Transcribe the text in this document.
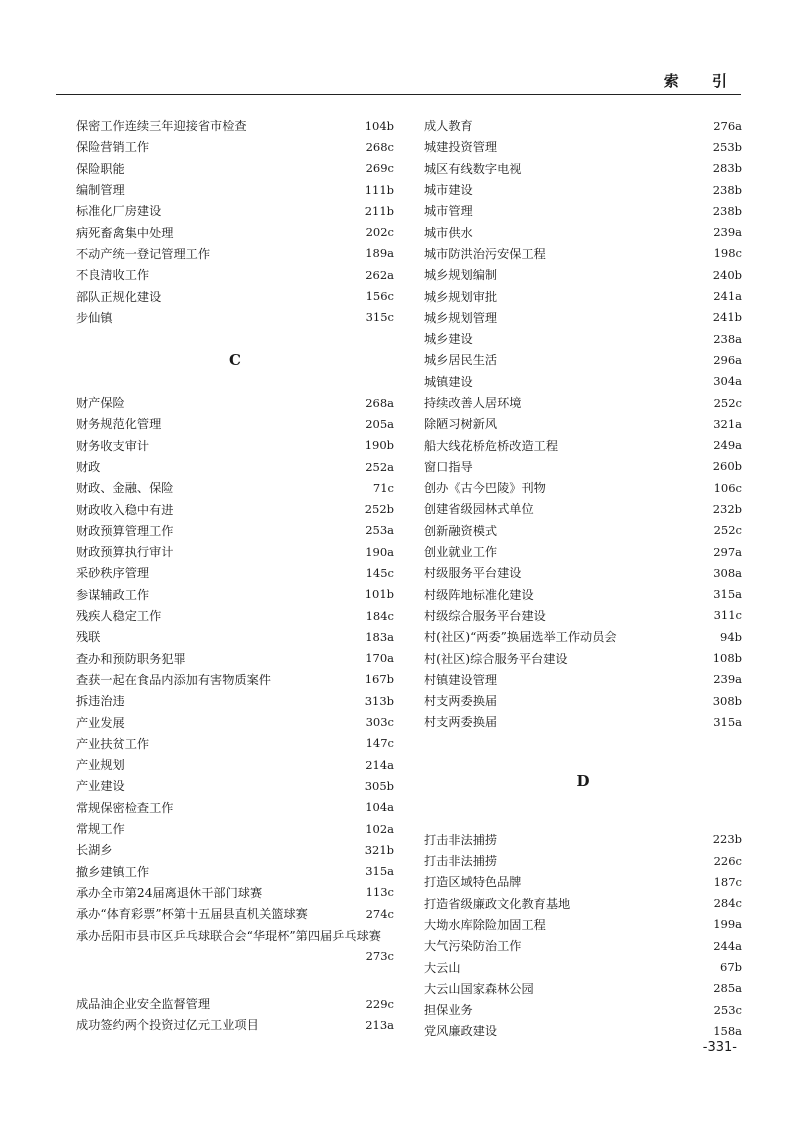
索 引
保密工作连续三年迎接省市检查	104b
保险营销工作	268c
保险职能	269c
编制管理	111b
标准化厂房建设	211b
病死畜禽集中处理	202c
不动产统一登记管理工作	189a
不良清收工作	262a
部队正规化建设	156c
步仙镇	315c
C
财产保险	268a
财务规范化管理	205a
财务收支审计	190b
财政	252a
财政、金融、保险	71c
财政收入稳中有进	252b
财政预算管理工作	253a
财政预算执行审计	190a
采砂秩序管理	145c
参谋辅政工作	101b
残疾人稳定工作	184c
残联	183a
查办和预防职务犯罪	170a
查获一起在食品内添加有害物质案件	167b
拆违治违	313b
产业发展	303c
产业扶贫工作	147c
产业规划	214a
产业建设	305b
常规保密检查工作	104a
常规工作	102a
长湖乡	321b
撤乡建镇工作	315a
承办全市第24届离退休干部门球赛	113c
承办“体育彩票”杯第十五届县直机关篮球赛	274c
承办岳阳市县市区乒乓球联合会“华琨杯”第四届乒乓球赛
273c
成品油企业安全监督管理	229c
成功签约两个投资过亿元工业项目	213a
成人教育	276a
城建投资管理	253b
城区有线数字电视	283b
城市建设	238b
城市管理	238b
城市供水	239a
城市防洪治污安保工程	198c
城乡规划编制	240b
城乡规划审批	241a
城乡规划管理	241b
城乡建设	238a
城乡居民生活	296a
城镇建设	304a
持续改善人居环境	252c
除陋习树新风	321a
船大线花桥危桥改造工程	249a
窗口指导	260b
创办《古今巴陵》刊物	106c
创建省级园林式单位	232b
创新融资模式	252c
创业就业工作	297a
村级服务平台建设	308a
村级阵地标准化建设	315a
村级综合服务平台建设	311c
村(社区)“两委”换届选举工作动员会	94b
村(社区)综合服务平台建设	108b
村镇建设管理	239a
村支两委换届	308b
村支两委换届	315a
D
打击非法捕捞	223b
打击非法捕捞	226c
打造区域特色品牌	187c
打造省级廉政文化教育基地	284c
大坳水库除险加固工程	199a
大气污染防治工作	244a
大云山	67b
大云山国家森林公园	285a
担保业务	253c
党风廉政建设	158a
-331-
